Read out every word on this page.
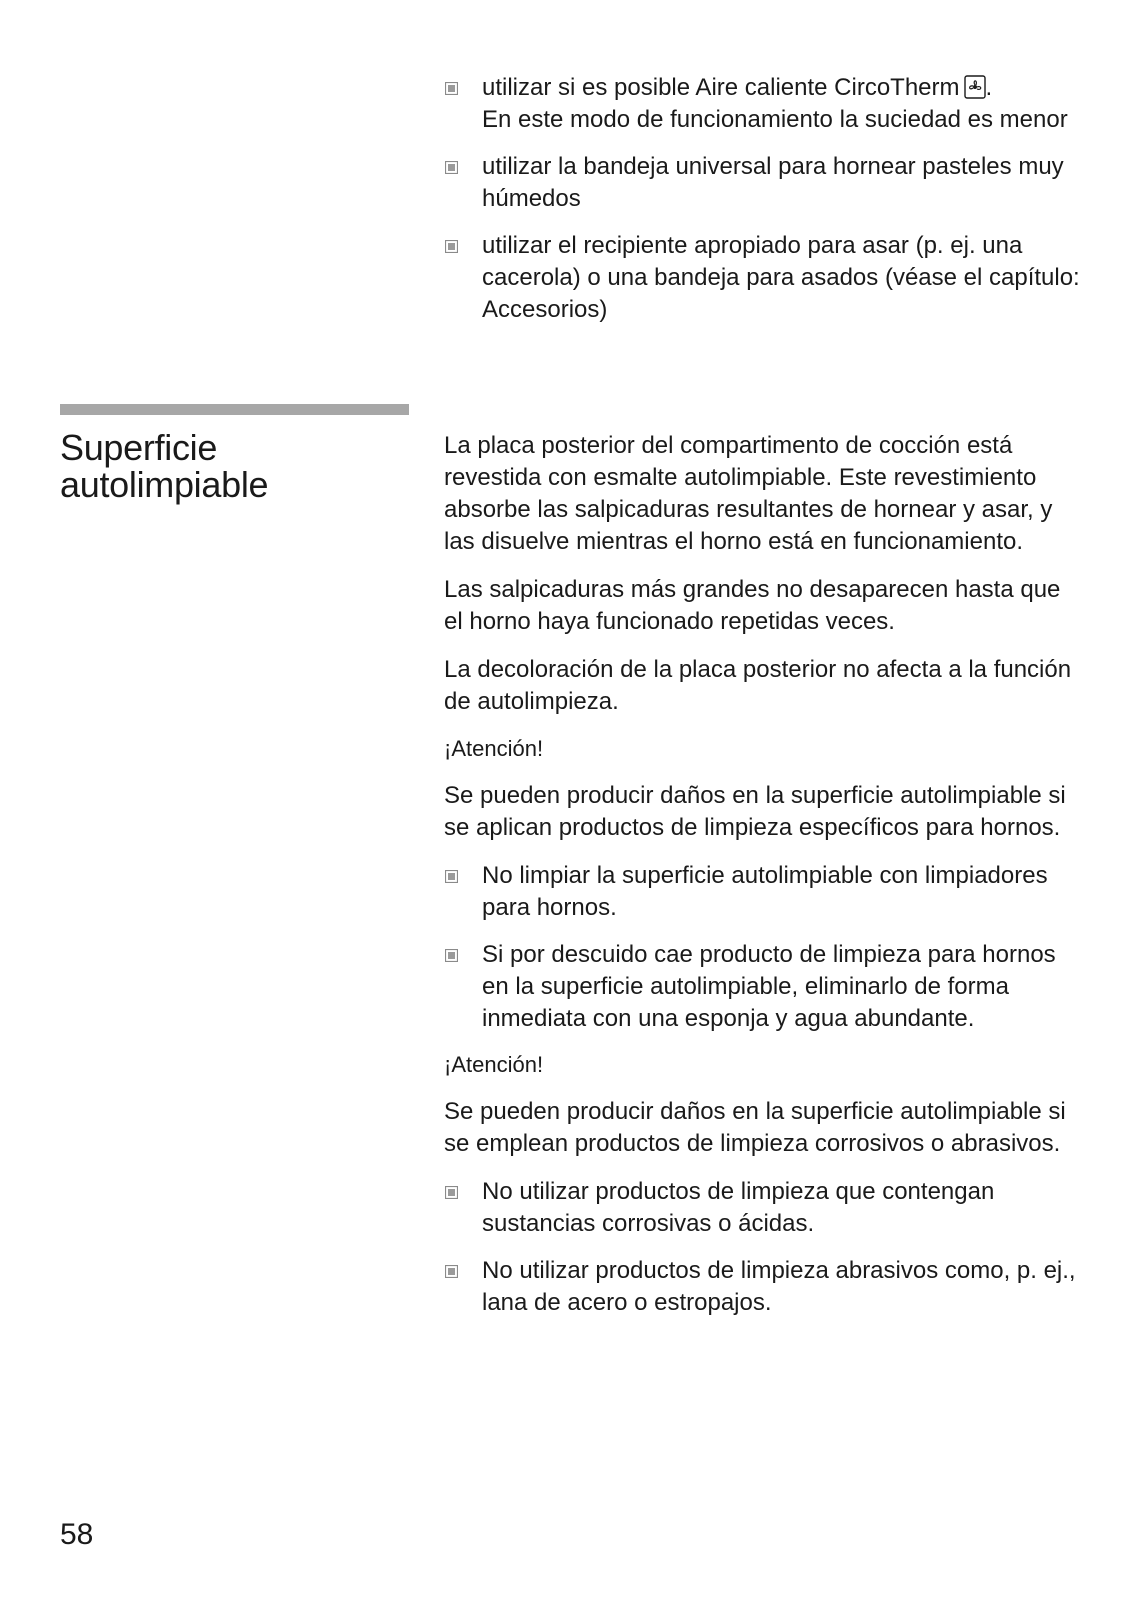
utilizar si es posible Aire caliente CircoTherm .
En este modo de funcionamiento la suciedad es menor
utilizar la bandeja universal para hornear pasteles muy húmedos
utilizar el recipiente apropiado para asar (p. ej. una cacerola) o una bandeja para asados (véase el capítulo: Accesorios)
Superficie
autolimpiable

La placa posterior del compartimento de cocción está revestida con esmalte autolimpiable. Este revestimiento absorbe las salpicaduras resultantes de hornear y asar, y las disuelve mientras el horno está en funcionamiento.

Las salpicaduras más grandes no desaparecen hasta que el horno haya funcionado repetidas veces.

La decoloración de la placa posterior no afecta a la función de autolimpieza.

¡Atención!

Se pueden producir daños en la superficie autolimpiable si se aplican productos de limpieza específicos para hornos.

No limpiar la superficie autolimpiable con limpiadores para hornos.
Si por descuido cae producto de limpieza para hornos en la superficie autolimpiable, eliminarlo de forma inmediata con una esponja y agua abundante.
¡Atención!

Se pueden producir daños en la superficie autolimpiable si se emplean productos de limpieza corrosivos o abrasivos.

No utilizar productos de limpieza que contengan sustancias corrosivas o ácidas.
No utilizar productos de limpieza abrasivos como, p. ej., lana de acero o estropajos.
58
